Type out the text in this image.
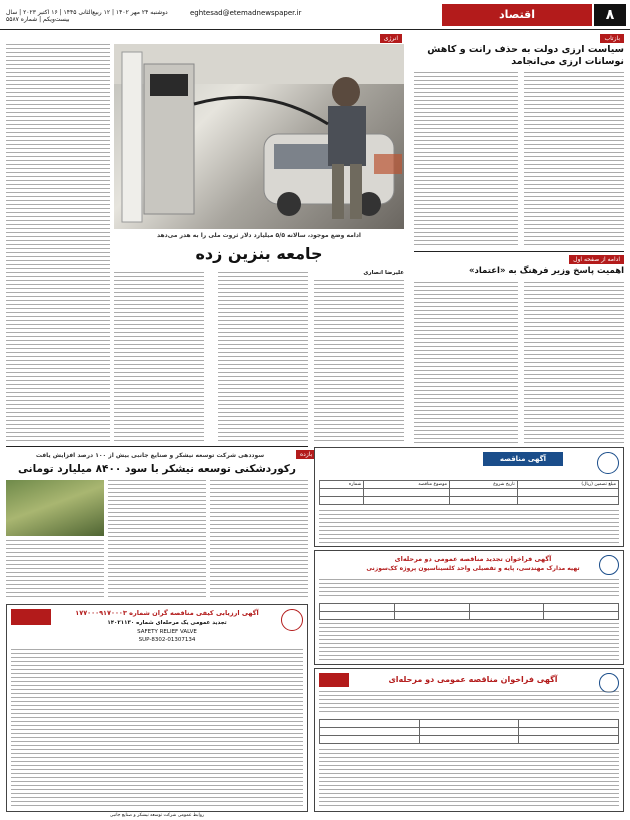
۸
اقتصاد
eghtesad@etemadnewspaper.ir
دوشنبه ۲۴ مهر ۱۴۰۲ | ۱۲ ربیع‌الثانی ۱۴۴۵ | ۱۶ اکتبر ۲۰۲۳ | سال بیست‌ویکم | شماره ۵۵۸۷
بازتاب
سیاست ارزی دولت به حذف رانت و کاهش نوسانات ارزی می‌انجامد
ادامه از صفحه اول
اهمیت پاسخ وزیر فرهنگ به «اعتماد»
انرژی
ادامه وضع موجود، سالانه ۵/۵ میلیارد دلار ثروت ملی را به هدر می‌دهد
جامعه بنزین زده
علیرضا انصاری
بازده
سوددهی شرکت توسعه نیشکر و صنایع جانبی بیش از ۱۰۰ درصد افزایش یافت
رکوردشکنی توسعه نیشکر با سود ۸۴۰۰ میلیارد تومانی
آگهی مناقصه
مبلغ تضمین (ریال)	تاریخ شروع	موضوع مناقصه	شماره

آگهی فراخوان تجدید مناقصه عمومی دو مرحله‌ای
تهیه مدارک مهندسی، پایه و تفصیلی واحد کلسیناسیون پروژه کک‌سوزنی

آگهی ارزیابی کیفی مناقصه گران شماره ۱۷۷۰۰۰۹۱۷۰۰۰۳
تجدید عمومی یک مرحله‌ای شماره ۱۴۰۲۱۱۳۰
SAFETY RELIEF VALVE
SUP-8302-01307134
آگهی فراخوان مناقصه عمومی دو مرحله‌ای

روابط عمومی شرکت توسعه نیشکر و صنایع جانبی
